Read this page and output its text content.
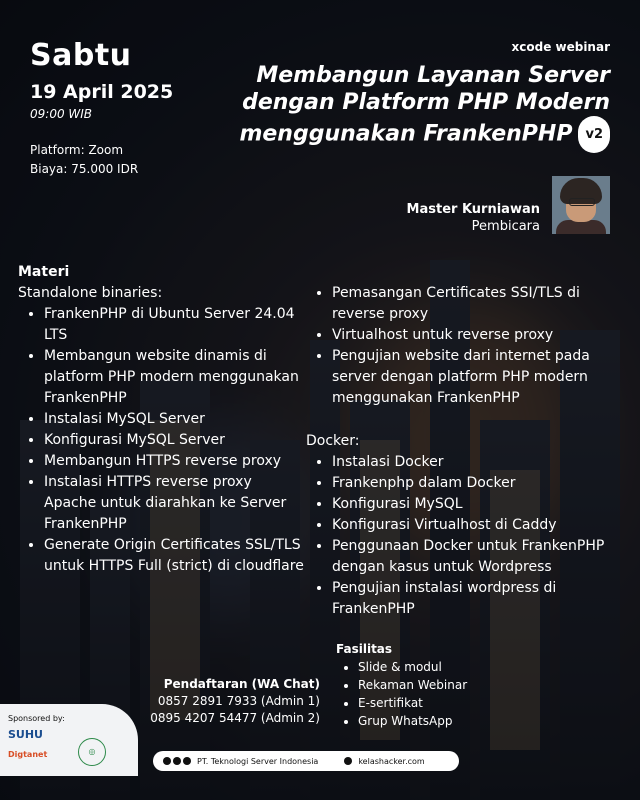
Sabtu

19 April 2025
09:00 WIB
Platform: Zoom
Biaya: 75.000 IDR
xcode webinar
Membangun Layanan Server
dengan Platform PHP Modern
menggunakan FrankenPHP v2
Master Kurniawan
Pembicara
Materi

Standalone binaries:

• FrankenPHP di Ubuntu Server 24.04 LTS
• Membangun website dinamis di platform PHP modern menggunakan FrankenPHP
• Instalasi MySQL Server
• Konfigurasi MySQL Server
• Membangun HTTPS reverse proxy
• Instalasi HTTPS reverse proxy Apache untuk diarahkan ke Server FrankenPHP
• Generate Origin Certificates SSL/TLS untuk HTTPS Full (strict) di cloudflare
• Pemasangan Certificates SSI/TLS di reverse proxy
• Virtualhost untuk reverse proxy
• Pengujian website dari internet pada server dengan platform PHP modern menggunakan FrankenPHP

Docker:

• Instalasi Docker
• Frankenphp dalam Docker
• Konfigurasi MySQL
• Konfigurasi Virtualhost di Caddy
• Penggunaan Docker untuk FrankenPHP dengan kasus untuk Wordpress
• Pengujian instalasi wordpress di FrankenPHP
Fasilitas
• Slide & modul
• Rekaman Webinar
• E-sertifikat
• Grup WhatsApp
Pendaftaran (WA Chat)
0857 2891 7933 (Admin 1)
0895 4207 54477 (Admin 2)
Sponsored by:
SUHU
Digtanet	◎
PT. Teknologi Server Indonesia	kelashacker.com
